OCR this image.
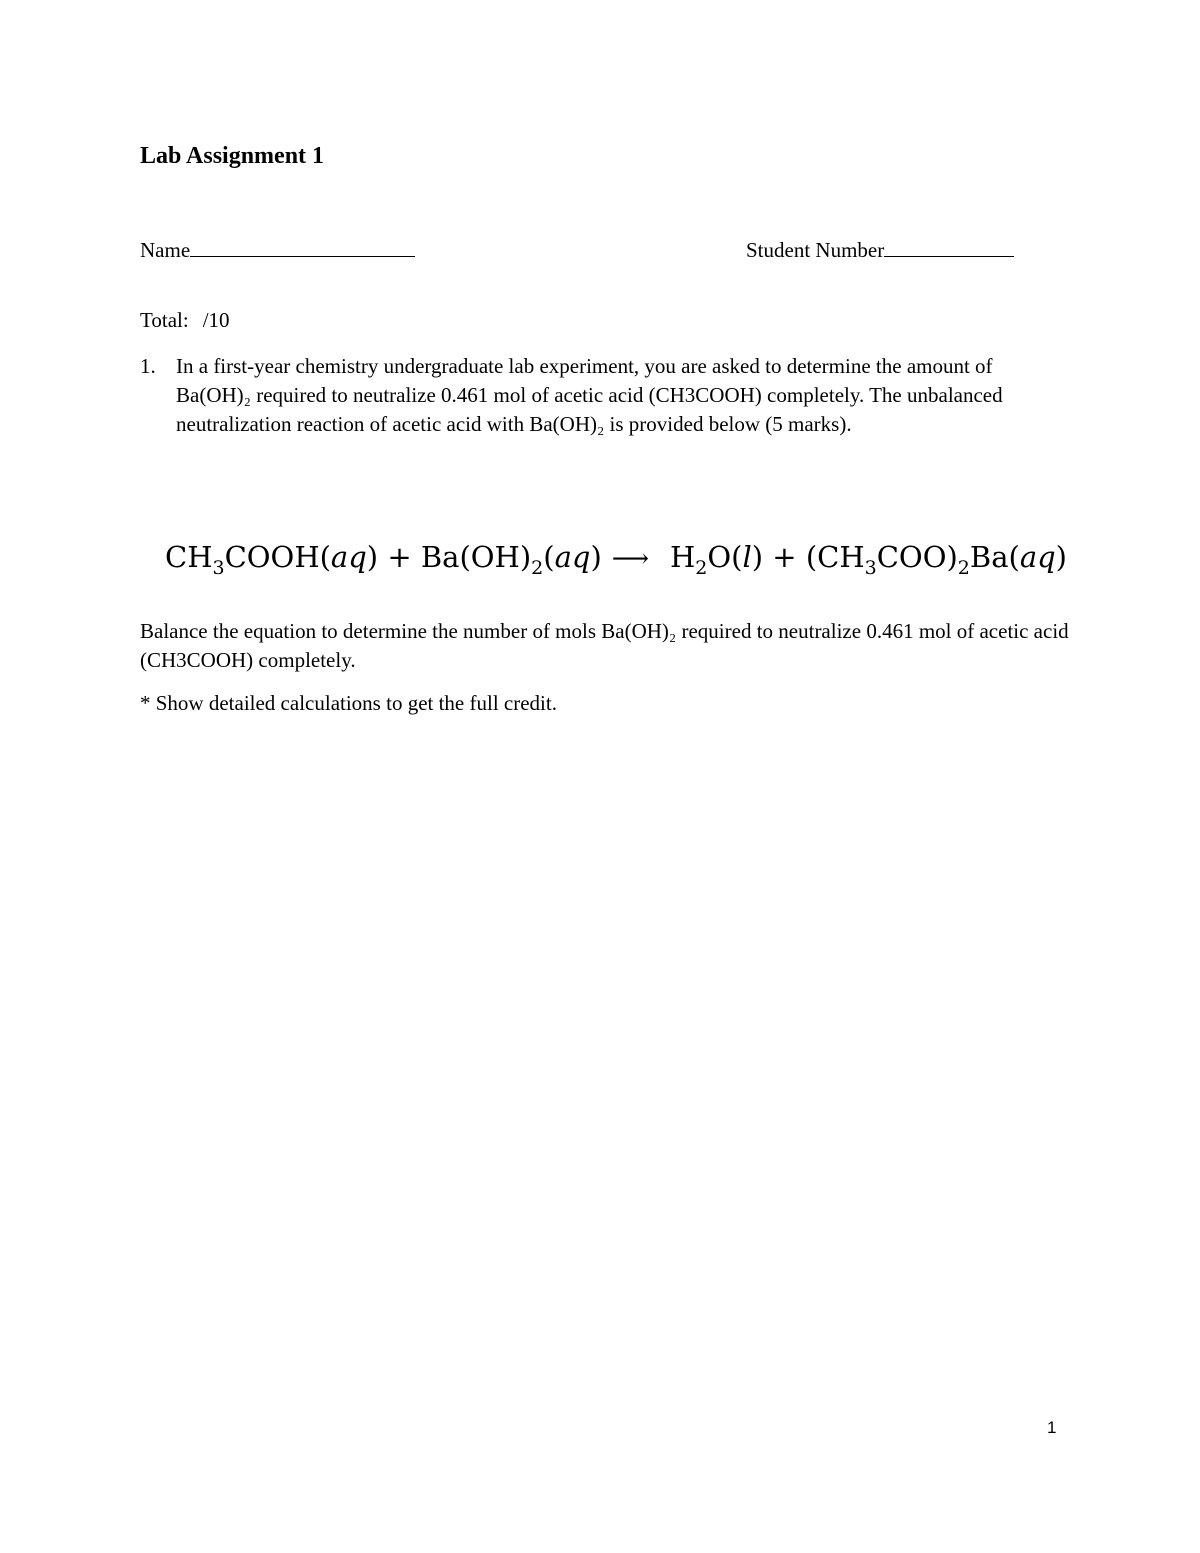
Lab Assignment 1
Name	Student Number
Total: /10
1. In a first-year chemistry undergraduate lab experiment, you are asked to determine the amount of Ba(OH)₂ required to neutralize 0.461 mol of acetic acid (CH3COOH) completely. The unbalanced neutralization reaction of acetic acid with Ba(OH)₂ is provided below (5 marks).
$CH_3COOH(aq) + Ba(OH)_2(aq)$ ⟶ $H_2O(l) + (CH_3COO)_2Ba(aq)$
Balance the equation to determine the number of mols Ba(OH)₂ required to neutralize 0.461 mol of acetic acid (CH3COOH) completely.
* Show detailed calculations to get the full credit.
1
